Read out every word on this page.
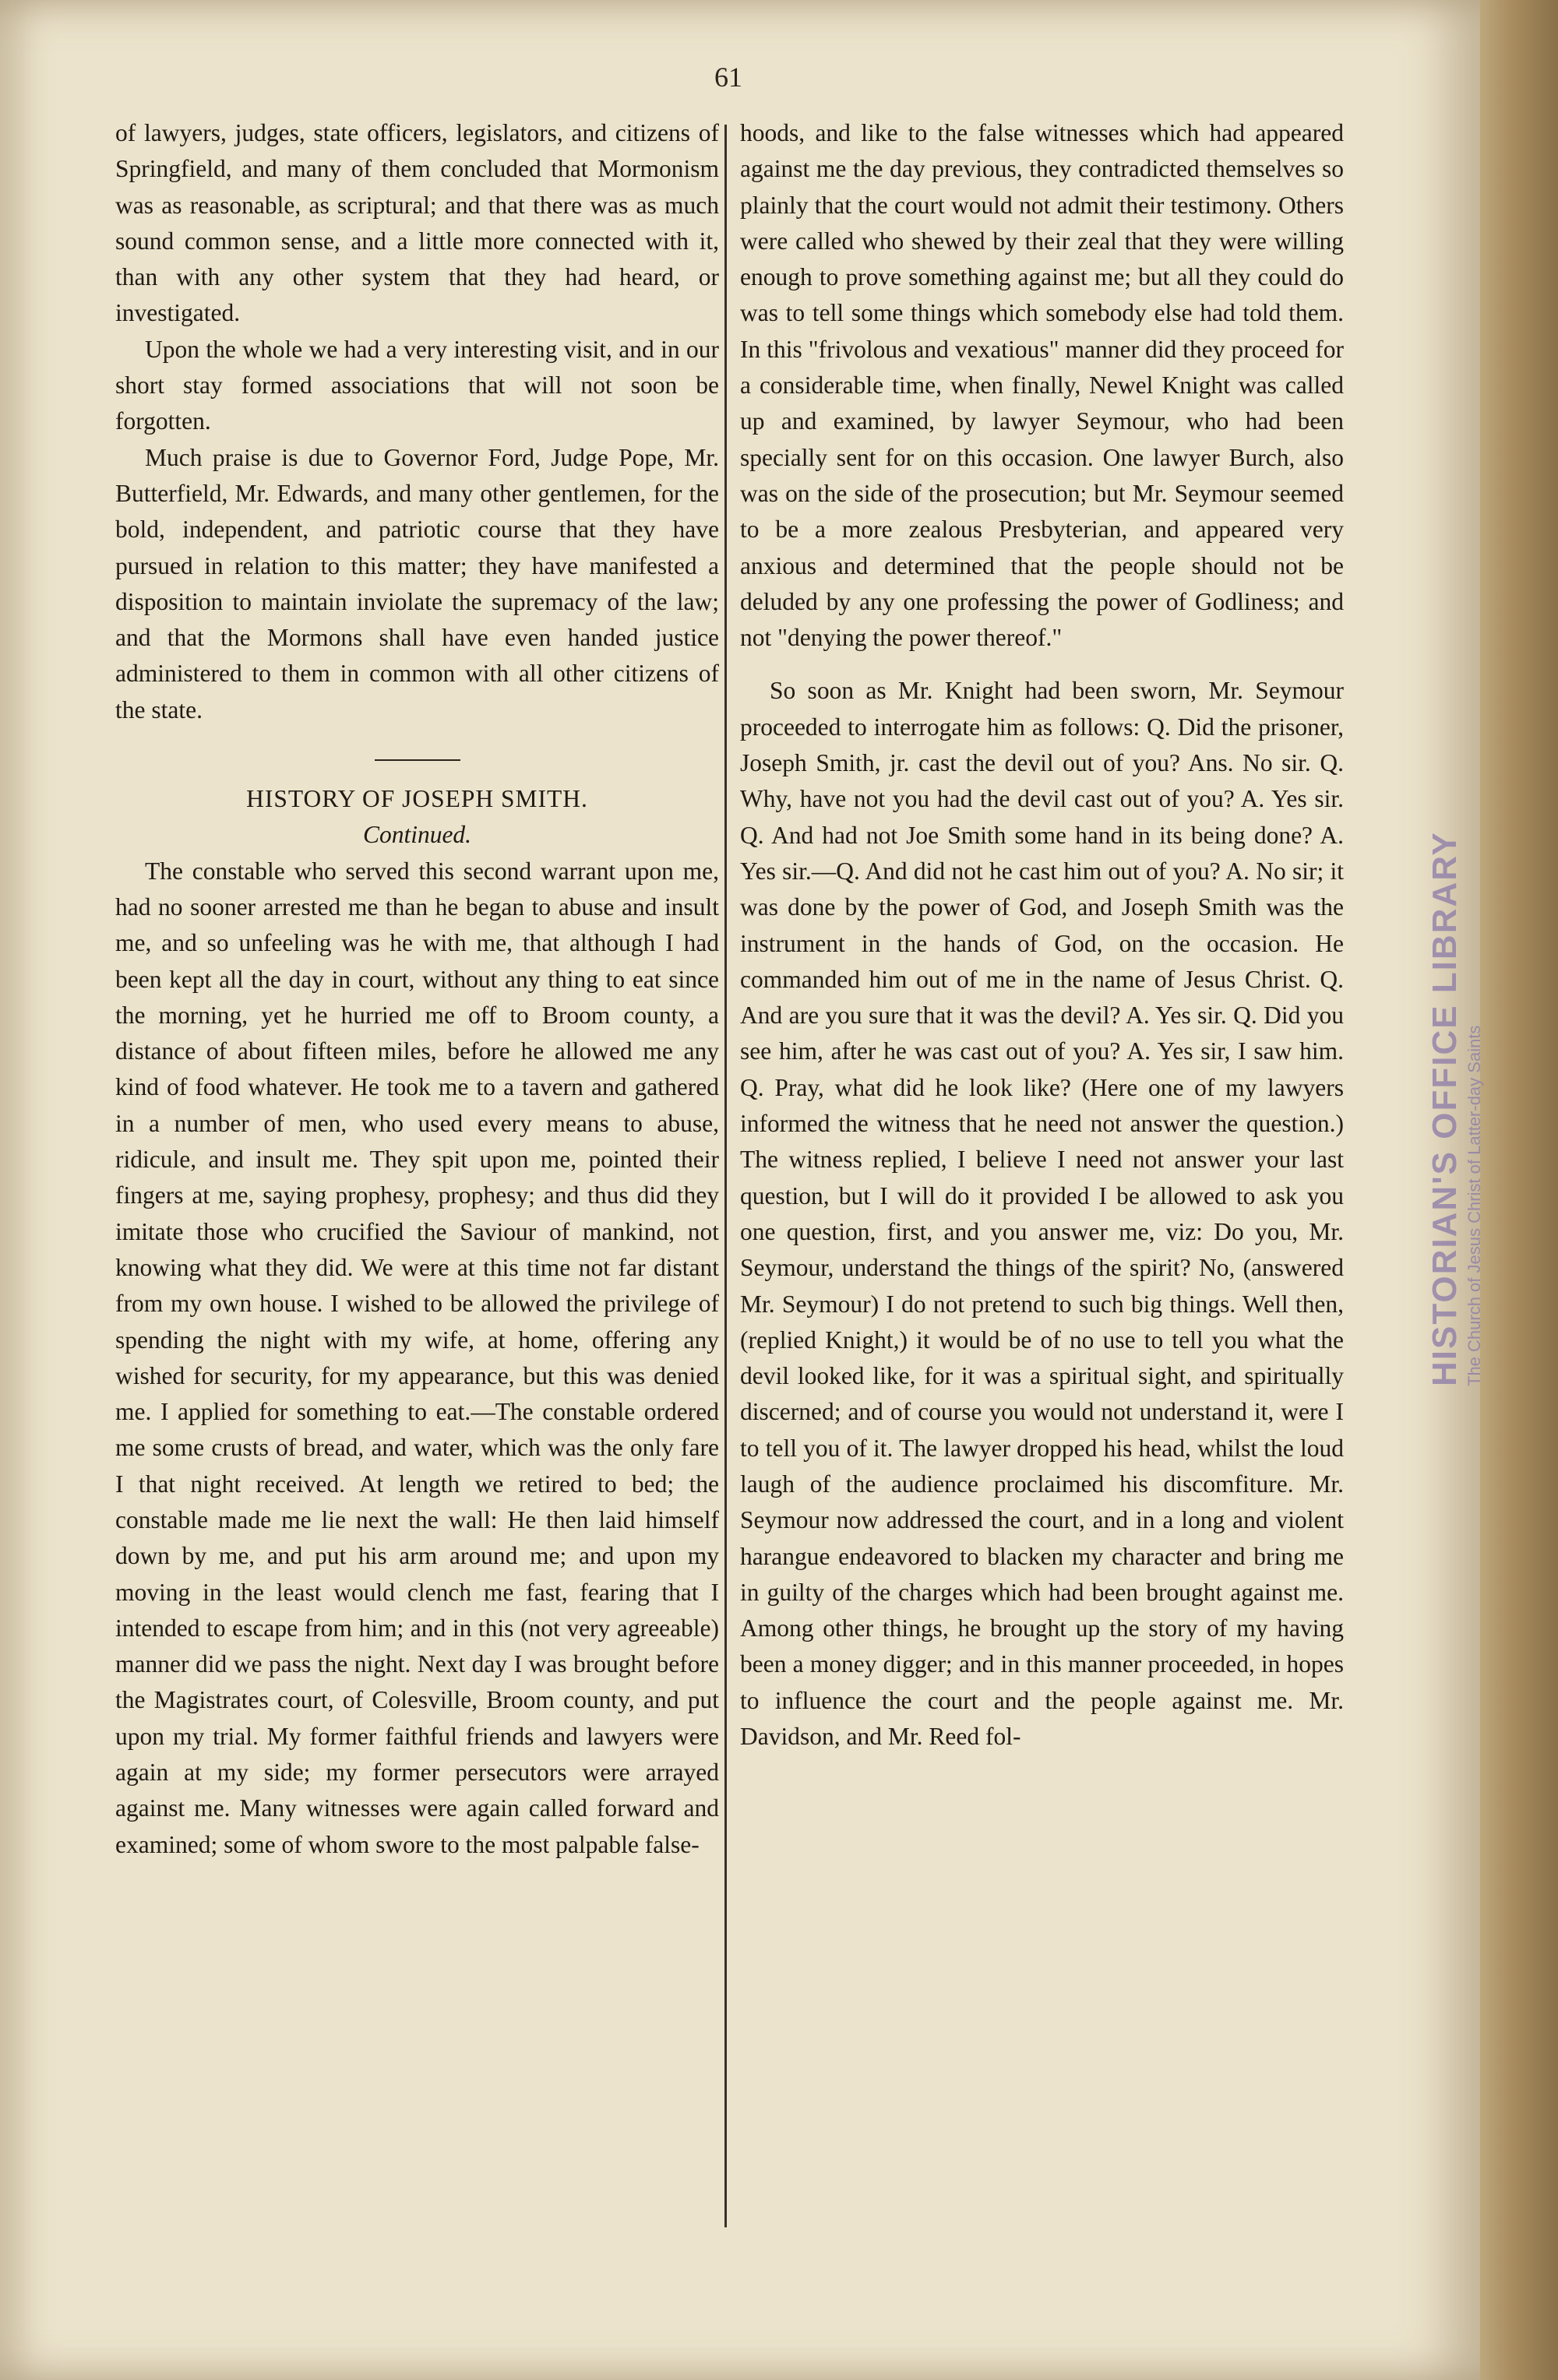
61

of lawyers, judges, state officers, legislators, and citizens of Springfield, and many of them concluded that Mormonism was as reasonable, as scriptural; and that there was as much sound common sense, and a little more connected with it, than with any other system that they had heard, or investigated.

Upon the whole we had a very interesting visit, and in our short stay formed associations that will not soon be forgotten.

Much praise is due to Governor Ford, Judge Pope, Mr. Butterfield, Mr. Edwards, and many other gentlemen, for the bold, independent, and patriotic course that they have pursued in relation to this matter; they have manifested a disposition to maintain inviolate the supremacy of the law; and that the Mormons shall have even handed justice administered to them in common with all other citizens of the state.

HISTORY OF JOSEPH SMITH.

Continued.

The constable who served this second warrant upon me, had no sooner arrested me than he began to abuse and insult me, and so unfeeling was he with me, that although I had been kept all the day in court, without any thing to eat since the morning, yet he hurried me off to Broom county, a distance of about fifteen miles, before he allowed me any kind of food whatever. He took me to a tavern and gathered in a number of men, who used every means to abuse, ridicule, and insult me. They spit upon me, pointed their fingers at me, saying prophesy, prophesy; and thus did they imitate those who crucified the Saviour of mankind, not knowing what they did. We were at this time not far distant from my own house. I wished to be allowed the privilege of spending the night with my wife, at home, offering any wished for security, for my appearance, but this was denied me. I applied for something to eat.—The constable ordered me some crusts of bread, and water, which was the only fare I that night received. At length we retired to bed; the constable made me lie next the wall: He then laid himself down by me, and put his arm around me; and upon my moving in the least would clench me fast, fearing that I intended to escape from him; and in this (not very agreeable) manner did we pass the night. Next day I was brought before the Magistrates court, of Colesville, Broom county, and put upon my trial. My former faithful friends and lawyers were again at my side; my former persecutors were arrayed against me. Many witnesses were again called forward and examined; some of whom swore to the most palpable false-

hoods, and like to the false witnesses which had appeared against me the day previous, they contradicted themselves so plainly that the court would not admit their testimony. Others were called who shewed by their zeal that they were willing enough to prove something against me; but all they could do was to tell some things which somebody else had told them. In this "frivolous and vexatious" manner did they proceed for a considerable time, when finally, Newel Knight was called up and examined, by lawyer Seymour, who had been specially sent for on this occasion. One lawyer Burch, also was on the side of the prosecution; but Mr. Seymour seemed to be a more zealous Presbyterian, and appeared very anxious and determined that the people should not be deluded by any one professing the power of Godliness; and not "denying the power thereof."

So soon as Mr. Knight had been sworn, Mr. Seymour proceeded to interrogate him as follows: Q. Did the prisoner, Joseph Smith, jr. cast the devil out of you? Ans. No sir. Q. Why, have not you had the devil cast out of you? A. Yes sir. Q. And had not Joe Smith some hand in its being done? A. Yes sir.—Q. And did not he cast him out of you? A. No sir; it was done by the power of God, and Joseph Smith was the instrument in the hands of God, on the occasion. He commanded him out of me in the name of Jesus Christ. Q. And are you sure that it was the devil? A. Yes sir. Q. Did you see him, after he was cast out of you? A. Yes sir, I saw him. Q. Pray, what did he look like? (Here one of my lawyers informed the witness that he need not answer the question.) The witness replied, I believe I need not answer your last question, but I will do it provided I be allowed to ask you one question, first, and you answer me, viz: Do you, Mr. Seymour, understand the things of the spirit? No, (answered Mr. Seymour) I do not pretend to such big things. Well then, (replied Knight,) it would be of no use to tell you what the devil looked like, for it was a spiritual sight, and spiritually discerned; and of course you would not understand it, were I to tell you of it. The lawyer dropped his head, whilst the loud laugh of the audience proclaimed his discomfiture. Mr. Seymour now addressed the court, and in a long and violent harangue endeavored to blacken my character and bring me in guilty of the charges which had been brought against me. Among other things, he brought up the story of my having been a money digger; and in this manner proceeded, in hopes to influence the court and the people against me. Mr. Davidson, and Mr. Reed fol-

The Church of Jesus
